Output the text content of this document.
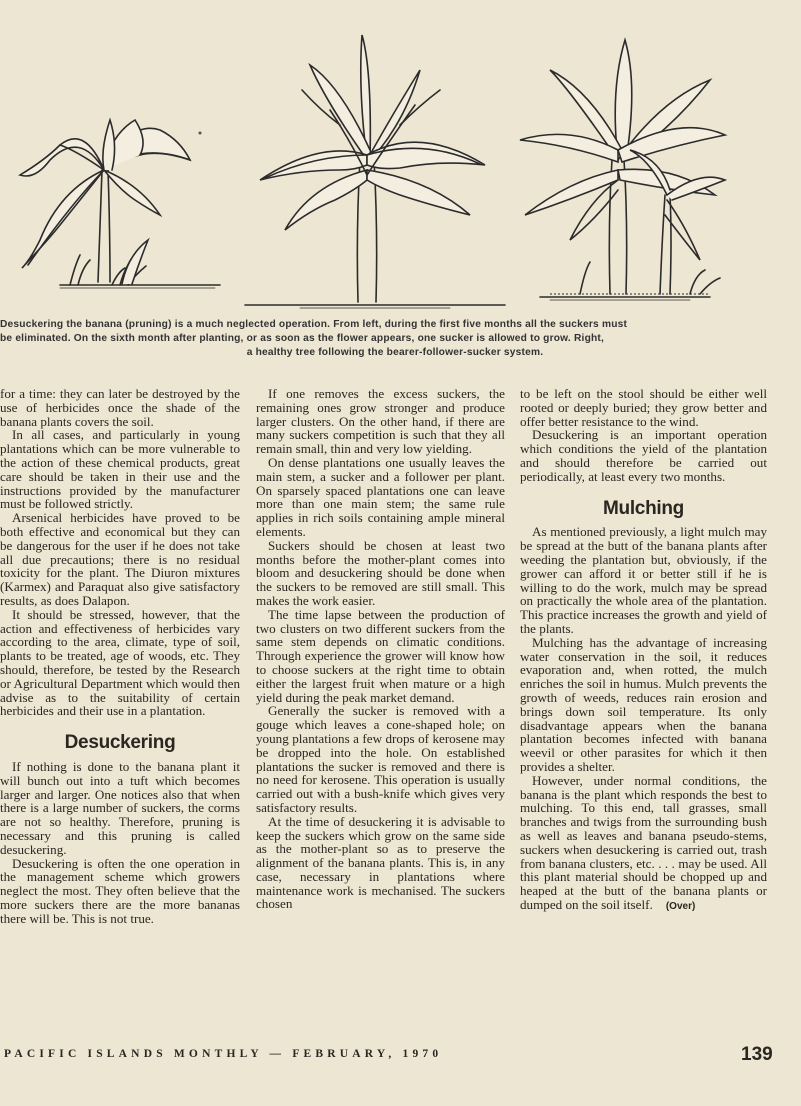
Desuckering the banana (pruning) is a much neglected operation. From left, during the first five months all the suckers must

be eliminated. On the sixth month after planting, or as soon as the flower appears, one sucker is allowed to grow. Right,

a healthy tree following the bearer-follower-sucker system.

for a time: they can later be destroyed by the use of herbicides once the shade of the banana plants covers the soil.

In all cases, and particularly in young plantations which can be more vulnerable to the action of these chemical products, great care should be taken in their use and the instructions provided by the manufacturer must be followed strictly.

Arsenical herbicides have proved to be both effective and economical but they can be dangerous for the user if he does not take all due precautions; there is no residual toxicity for the plant. The Diuron mixtures (Karmex) and Paraquat also give satisfactory results, as does Dalapon.

It should be stressed, however, that the action and effectiveness of herbicides vary according to the area, climate, type of soil, plants to be treated, age of woods, etc. They should, therefore, be tested by the Research or Agricultural Department which would then advise as to the suitability of certain herbicides and their use in a plantation.

Desuckering

If nothing is done to the banana plant it will bunch out into a tuft which becomes larger and larger. One notices also that when there is a large number of suckers, the corms are not so healthy. Therefore, pruning is necessary and this pruning is called desuckering.

Desuckering is often the one operation in the management scheme which growers neglect the most. They often believe that the more suckers there are the more bananas there will be. This is not true.

If one removes the excess suckers, the remaining ones grow stronger and produce larger clusters. On the other hand, if there are many suckers competition is such that they all remain small, thin and very low yielding.

On dense plantations one usually leaves the main stem, a sucker and a follower per plant. On sparsely spaced plantations one can leave more than one main stem; the same rule applies in rich soils containing ample mineral elements.

Suckers should be chosen at least two months before the mother-plant comes into bloom and desuckering should be done when the suckers to be removed are still small. This makes the work easier.

The time lapse between the production of two clusters on two different suckers from the same stem depends on climatic conditions. Through experience the grower will know how to choose suckers at the right time to obtain either the largest fruit when mature or a high yield during the peak market demand.

Generally the sucker is removed with a gouge which leaves a cone-shaped hole; on young plantations a few drops of kerosene may be dropped into the hole. On established plantations the sucker is removed and there is no need for kerosene. This operation is usually carried out with a bush-knife which gives very satisfactory results.

At the time of desuckering it is advisable to keep the suckers which grow on the same side as the mother-plant so as to preserve the alignment of the banana plants. This is, in any case, necessary in plantations where maintenance work is mechanised. The suckers chosen

to be left on the stool should be either well rooted or deeply buried; they grow better and offer better resistance to the wind.

Desuckering is an important operation which conditions the yield of the plantation and should therefore be carried out periodically, at least every two months.

Mulching

As mentioned previously, a light mulch may be spread at the butt of the banana plants after weeding the plantation but, obviously, if the grower can afford it or better still if he is willing to do the work, mulch may be spread on practically the whole area of the plantation. This practice increases the growth and yield of the plants.

Mulching has the advantage of increasing water conservation in the soil, it reduces evaporation and, when rotted, the mulch enriches the soil in humus. Mulch prevents the growth of weeds, reduces rain erosion and brings down soil temperature. Its only disadvantage appears when the banana plantation becomes infected with banana weevil or other parasites for which it then provides a shelter.

However, under normal conditions, the banana is the plant which responds the best to mulching. To this end, tall grasses, small branches and twigs from the surrounding bush as well as leaves and banana pseudo-stems, suckers when desuckering is carried out, trash from banana clusters, etc. . . . may be used. All this plant material should be chopped up and heaped at the butt of the banana plants or dumped on the soil itself. (Over)

PACIFIC ISLANDS MONTHLY — FEBRUARY, 1970	139
